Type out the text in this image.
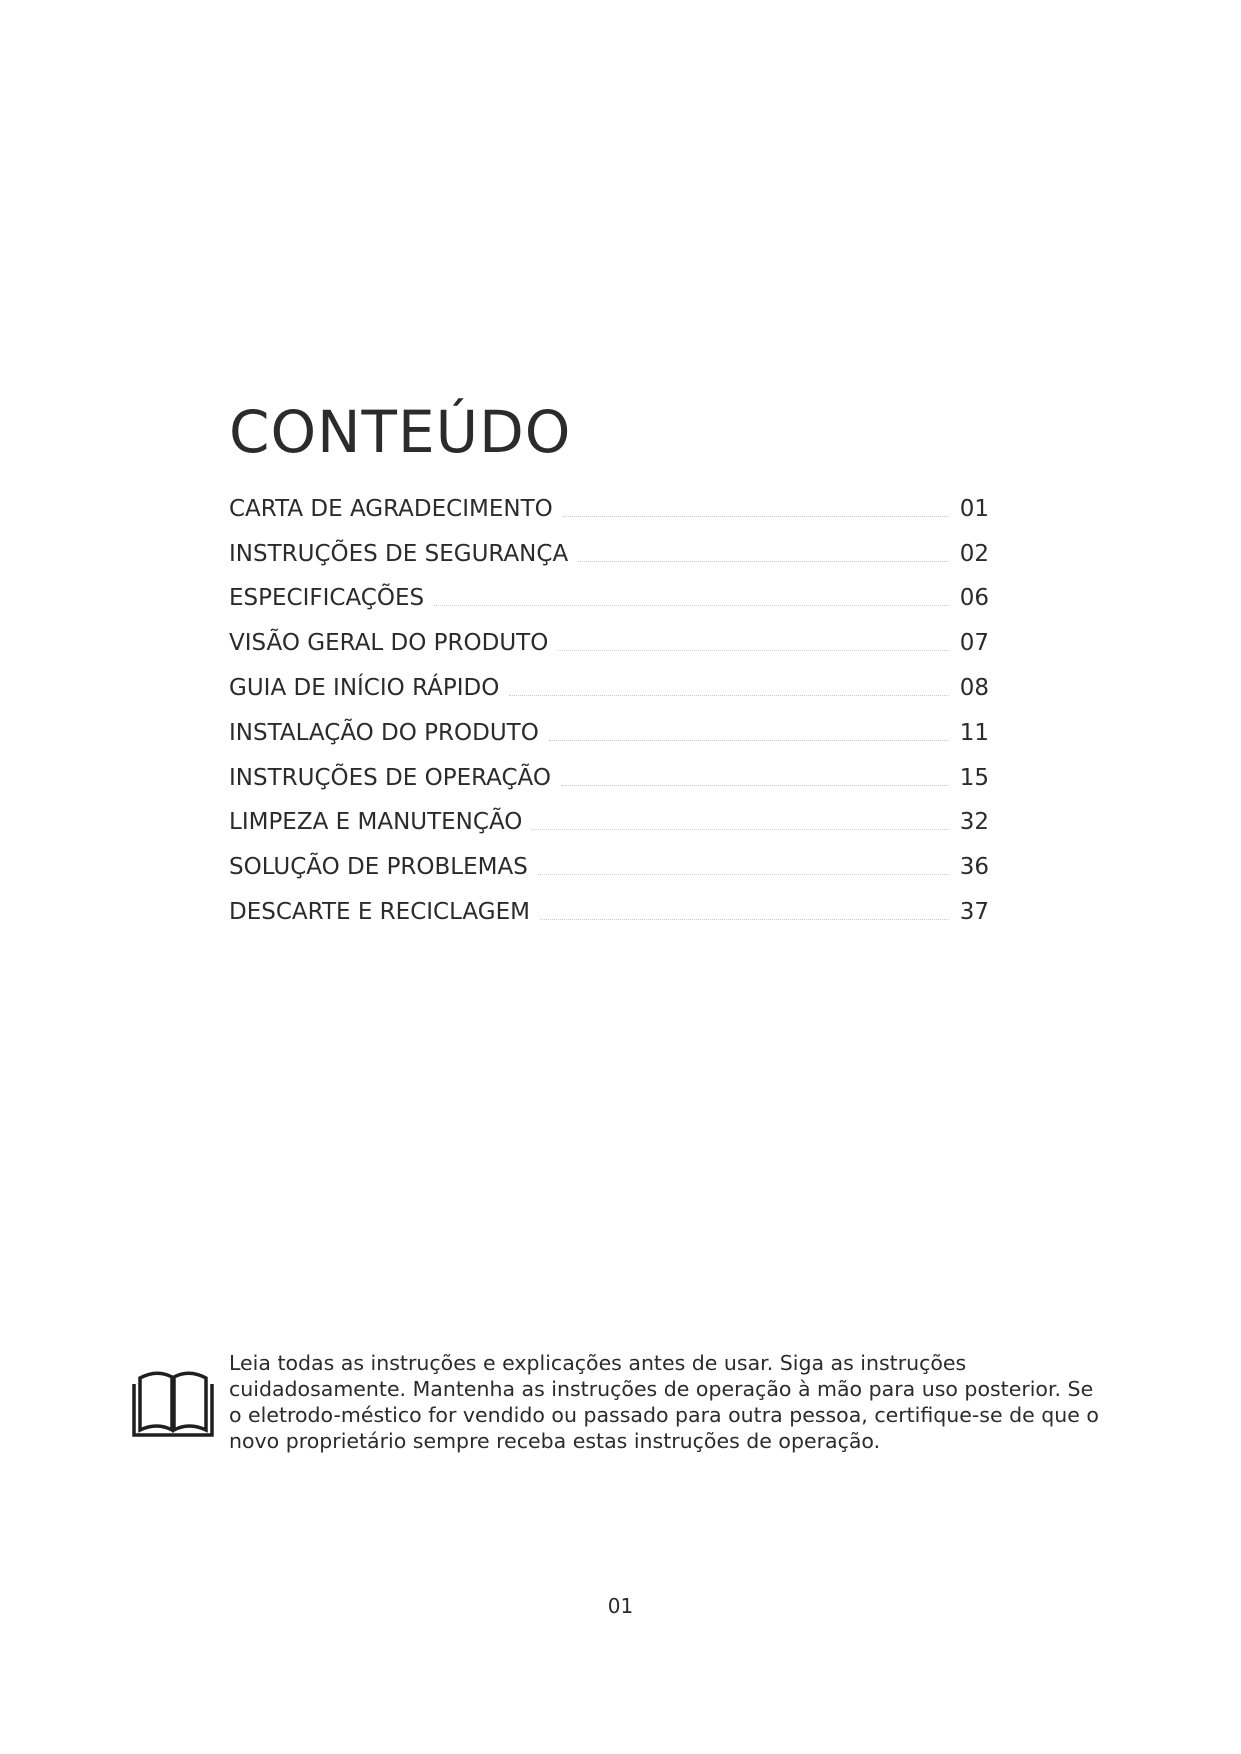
CONTEÚDO
CARTA DE AGRADECIMENTO	01
INSTRUÇÕES DE SEGURANÇA	02
ESPECIFICAÇÕES	06
VISÃO GERAL DO PRODUTO	07
GUIA DE INÍCIO RÁPIDO	08
INSTALAÇÃO DO PRODUTO	11
INSTRUÇÕES DE OPERAÇÃO	15
LIMPEZA E MANUTENÇÃO	32
SOLUÇÃO DE PROBLEMAS	36
DESCARTE E RECICLAGEM	37

Leia todas as instruções e explicações antes de usar. Siga as instruções cuidadosamente. Mantenha as instruções de operação à mão para uso posterior. Se o eletrodo-méstico for vendido ou passado para outra pessoa, certifique-se de que o novo proprietário sempre receba estas instruções de operação.

01
